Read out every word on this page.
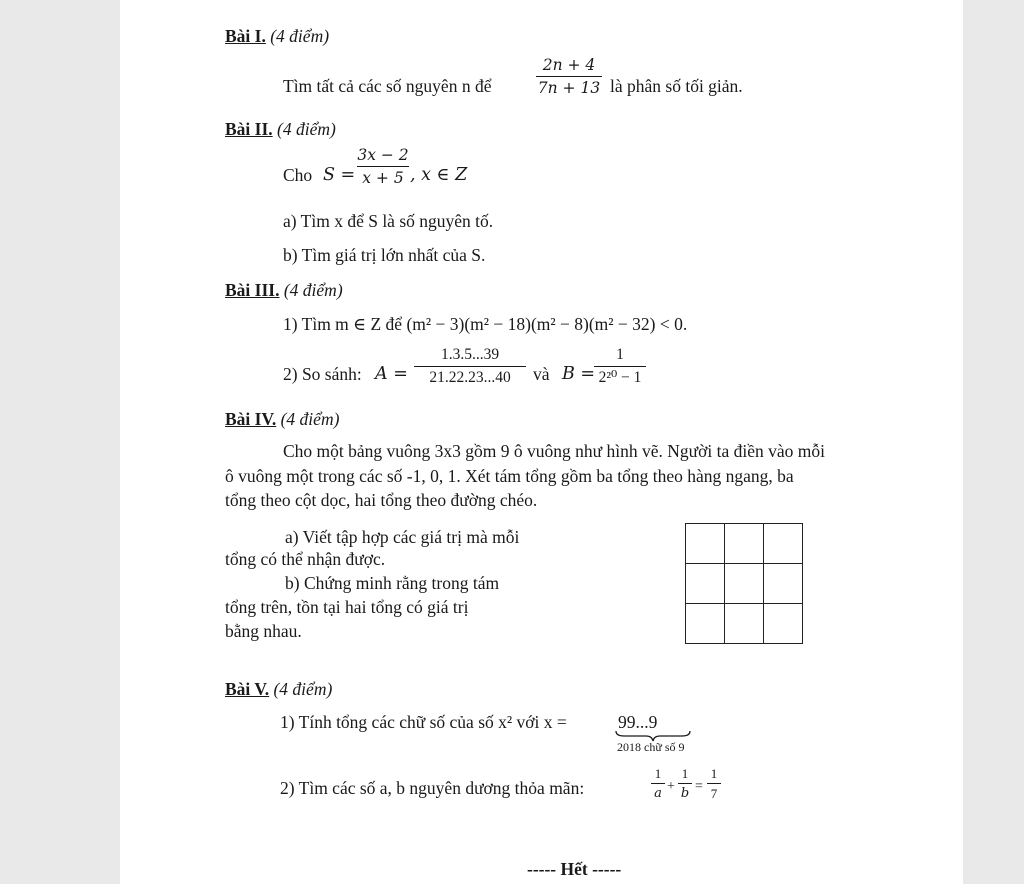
Bài I. (4 điểm)
Tìm tất cả các số nguyên n để
2n + 4
7n + 13 là phân số tối giản.
Bài II. (4 điểm)
Cho S =
3x − 2
x + 5 , x ∈ Z
a) Tìm x để S là số nguyên tố.
b) Tìm giá trị lớn nhất của S.
Bài III. (4 điểm)
1) Tìm m ∈ Z để (m² − 3)(m² − 18)(m² − 8)(m² − 32) < 0.
2) So sánh: A =
1.3.5...39
21.22.23...40	và B =
1
2²⁰ − 1
Bài IV. (4 điểm)
Cho một bảng vuông 3x3 gồm 9 ô vuông như hình vẽ. Người ta điền vào mỗi
ô vuông một trong các số -1, 0, 1. Xét tám tổng gồm ba tổng theo hàng ngang, ba
tổng theo cột dọc, hai tổng theo đường chéo.
a) Viết tập hợp các giá trị mà mỗi
tổng có thể nhận được.
b) Chứng minh rằng trong tám
tổng trên, tồn tại hai tổng có giá trị
bằng nhau.

Bài V. (4 điểm)
1) Tính tổng các chữ số của số x² với x =	99...9
2018 chữ số 9
2) Tìm các số a, b nguyên dương thỏa mãn:
1
a +
1
b =
1
7
----- Hết -----
